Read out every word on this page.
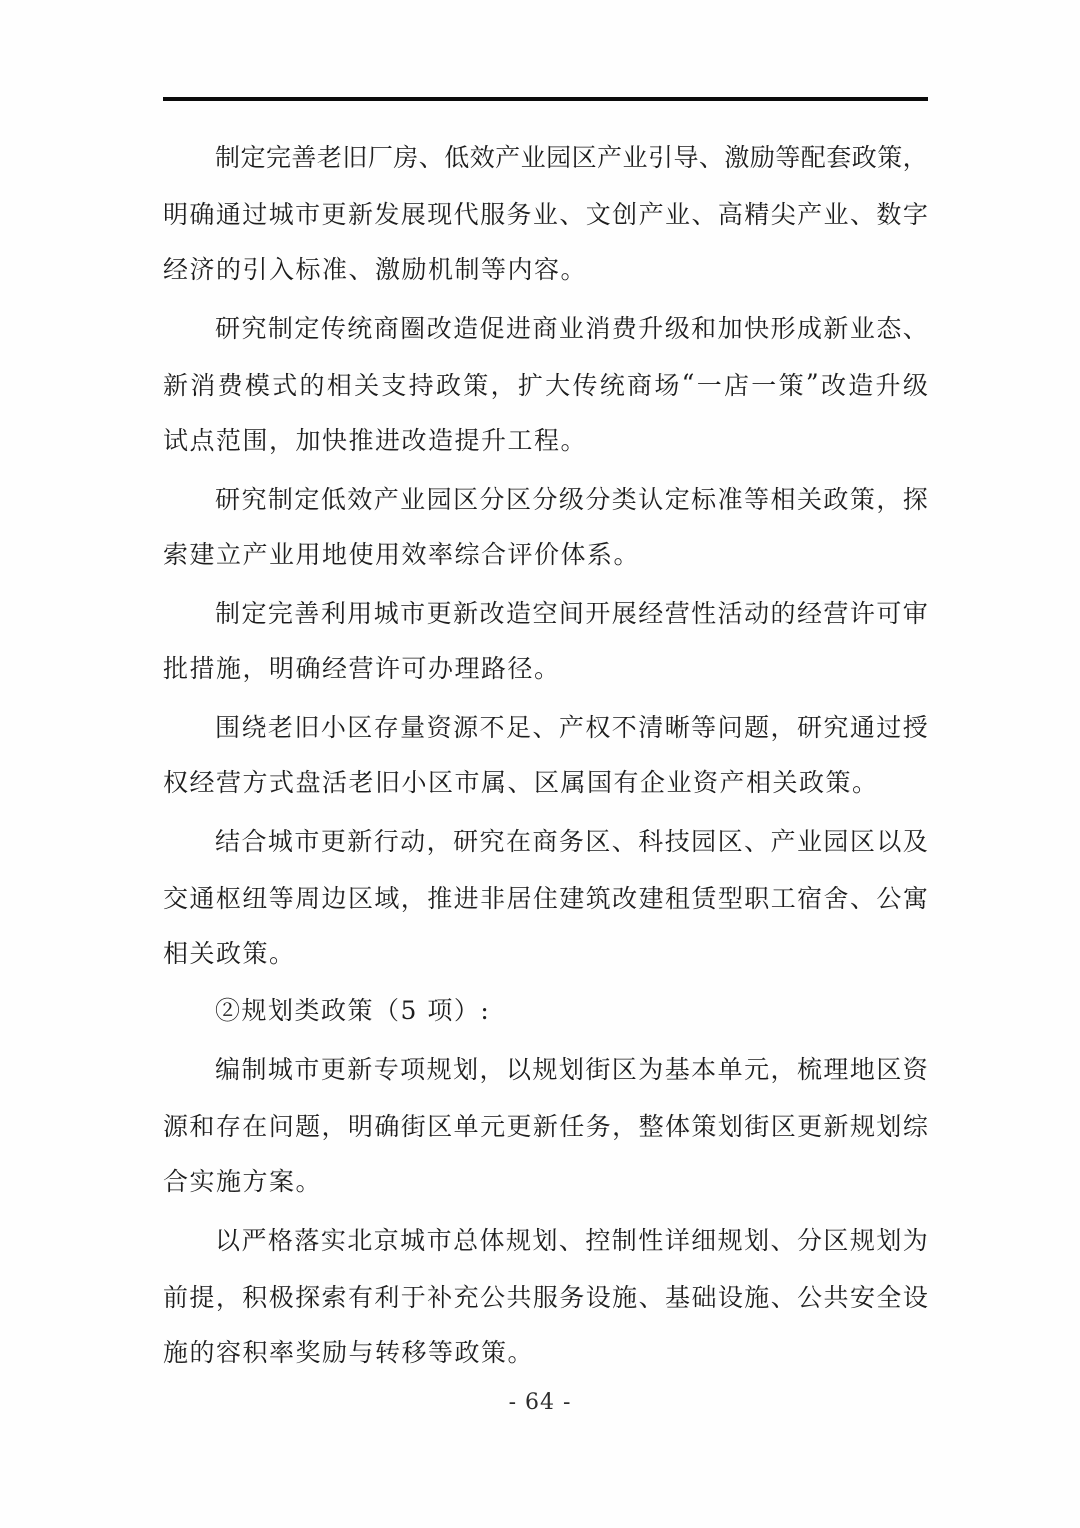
制 定 完 善 老 旧 厂 房 、 低 效 产 业 园 区 产 业 引 导 、 激 励 等 配 套 政 策 ，
明 确 通 过 城 市 更 新 发 展 现 代 服 务 业 、 文 创 产 业 、 高 精 尖 产 业 、 数 字
经济的引入标准、激励机制等内容。
研 究 制 定 传 统 商 圈 改 造 促 进 商 业 消 费 升 级 和 加 快 形 成 新 业 态 、
新 消 费 模 式 的 相 关 支 持 政 策 ， 扩 大 传 统 商 场 “ 一 店 一 策 ” 改 造 升 级
试点范围，加快推进改造提升工程。
研 究 制 定 低 效 产 业 园 区 分 区 分 级 分 类 认 定 标 准 等 相 关 政 策 ， 探
索建立产业用地使用效率综合评价体系。
制 定 完 善 利 用 城 市 更 新 改 造 空 间 开 展 经 营 性 活 动 的 经 营 许 可 审
批措施，明确经营许可办理路径。
围 绕 老 旧 小 区 存 量 资 源 不 足 、 产 权 不 清 晰 等 问 题 ， 研 究 通 过 授
权经营方式盘活老旧小区市属、区属国有企业资产相关政策。
结 合 城 市 更 新 行 动 ， 研 究 在 商 务 区 、 科 技 园 区 、 产 业 园 区 以 及
交 通 枢 纽 等 周 边 区 域 ， 推 进 非 居 住 建 筑 改 建 租 赁 型 职 工 宿 舍 、 公 寓
相关政策。
②规划类政策（5 项）:
编 制 城 市 更 新 专 项 规 划 ， 以 规 划 街 区 为 基 本 单 元 ， 梳 理 地 区 资
源 和 存 在 问 题 ， 明 确 街 区 单 元 更 新 任 务 ， 整 体 策 划 街 区 更 新 规 划 综
合实施方案。
以 严 格 落 实 北 京 城 市 总 体 规 划 、 控 制 性 详 细 规 划 、 分 区 规 划 为
前 提 ， 积 极 探 索 有 利 于 补 充 公 共 服 务 设 施 、 基 础 设 施 、 公 共 安 全 设
施的容积率奖励与转移等政策。
- 64 -
